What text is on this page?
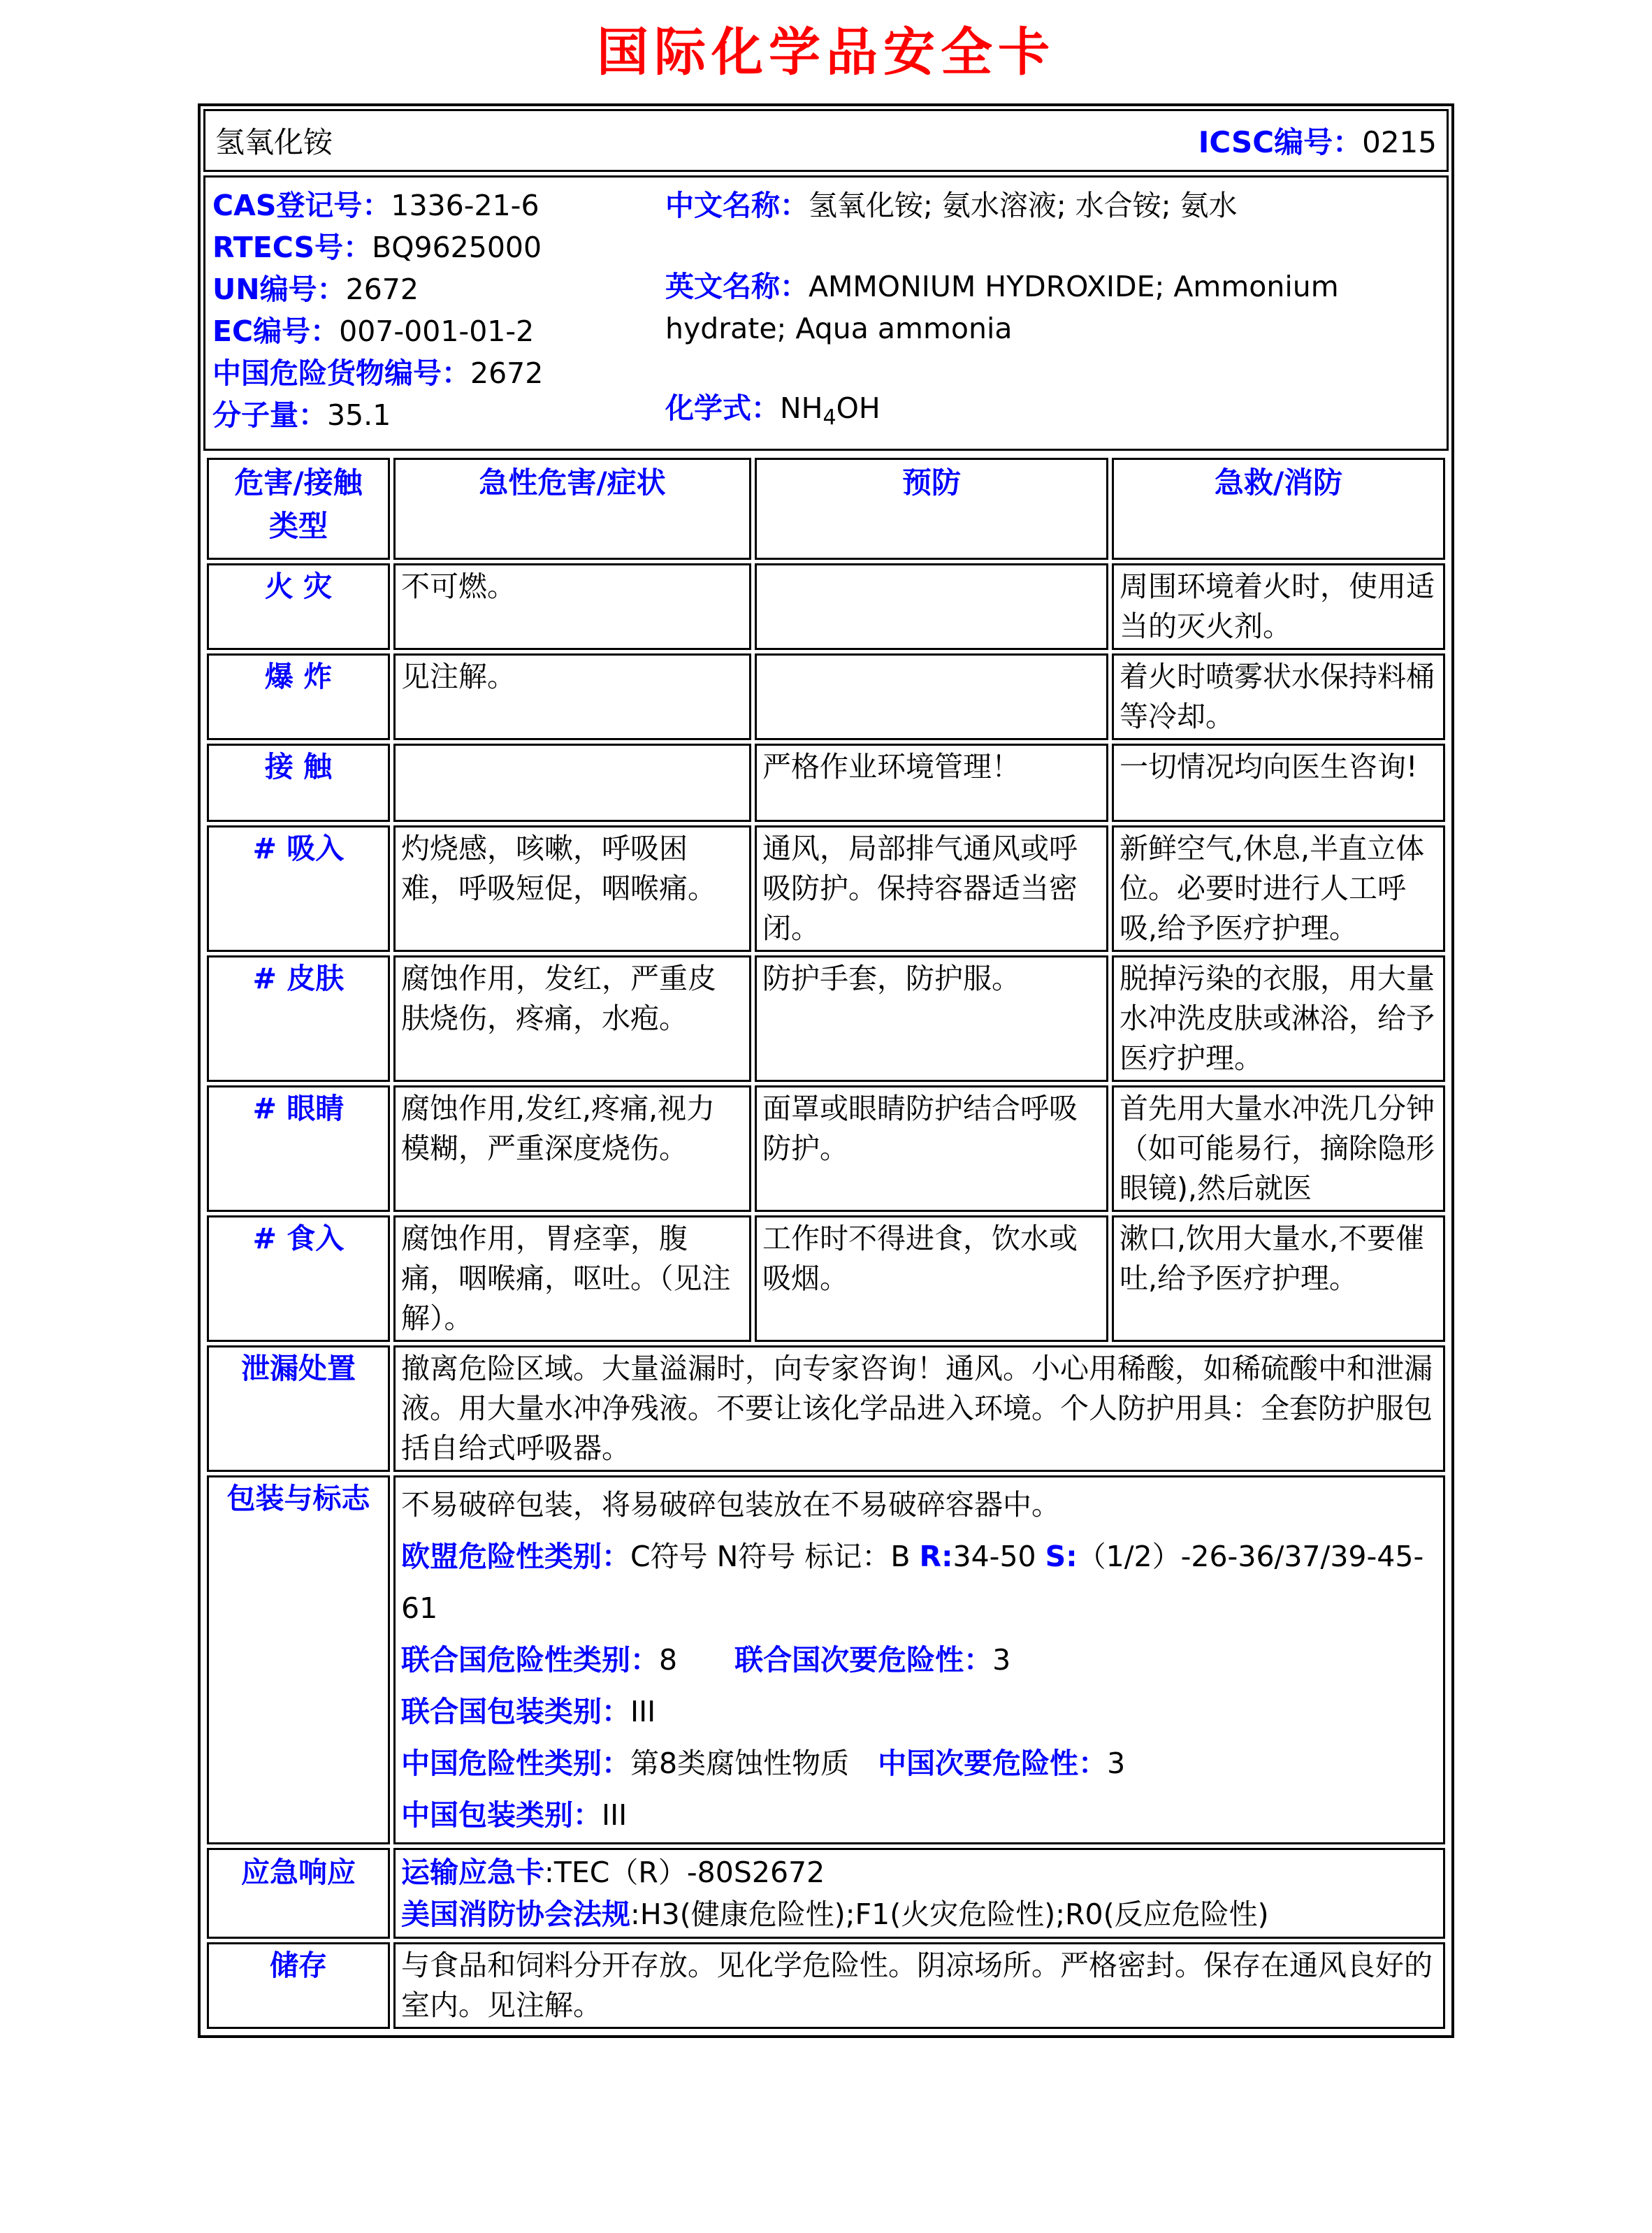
国际化学品安全卡
氢氧化铵	ICSC编号：0215
CAS登记号：1336-21-6
RTECS号：BQ9625000
UN编号：2672
EC编号：007-001-01-2
中国危险货物编号：2672
分子量：35.1
中文名称：氢氧化铵; 氨水溶液; 水合铵; 氨水
英文名称：AMMONIUM HYDROXIDE; Ammonium hydrate; Aqua ammonia
化学式：$NH_4OH$
危害/接触类型	急性危害/症状	预防	急救/消防

火 灾	不可燃。		周围环境着火时，使用适当的灭火剂。
爆 炸	见注解。		着火时喷雾状水保持料桶等冷却。
接 触		严格作业环境管理！	一切情况均向医生咨询!
# 吸入	灼烧感，咳嗽，呼吸困难，呼吸短促，咽喉痛。	通风，局部排气通风或呼吸防护。保持容器适当密闭。	新鲜空气,休息,半直立体位。必要时进行人工呼吸,给予医疗护理。
# 皮肤	腐蚀作用，发红，严重皮肤烧伤，疼痛，水疱。	防护手套，防护服。	脱掉污染的衣服，用大量水冲洗皮肤或淋浴，给予医疗护理。
# 眼睛	腐蚀作用,发红,疼痛,视力模糊，严重深度烧伤。	面罩或眼睛防护结合呼吸防护。	首先用大量水冲洗几分钟（如可能易行，摘除隐形眼镜),然后就医
# 食入	腐蚀作用，胃痉挛，腹痛，咽喉痛，呕吐。（见注解）。	工作时不得进食，饮水或吸烟。	漱口,饮用大量水,不要催吐,给予医疗护理。
泄漏处置	撤离危险区域。大量溢漏时，向专家咨询！通风。小心用稀酸，如稀硫酸中和泄漏液。用大量水冲净残液。不要让该化学品进入环境。个人防护用具：全套防护服包括自给式呼吸器。		
包装与标志	不易破碎包装，将易破碎包装放在不易破碎容器中。
欧盟危险性类别：C符号 N符号 标记：B R:34-50 S:（1/2）-26-36/37/39-45-61
联合国危险性类别：8　　联合国次要危险性：3
联合国包装类别：III
中国危险性类别：第8类腐蚀性物质　中国次要危险性：3
中国包装类别：III

应急响应	运输应急卡:TEC（R）-80S2672
美国消防协会法规:H3(健康危险性);F1(火灾危险性);R0(反应危险性)		

储存	与食品和饲料分开存放。见化学危险性。阴凉场所。严格密封。保存在通风良好的室内。见注解。		
